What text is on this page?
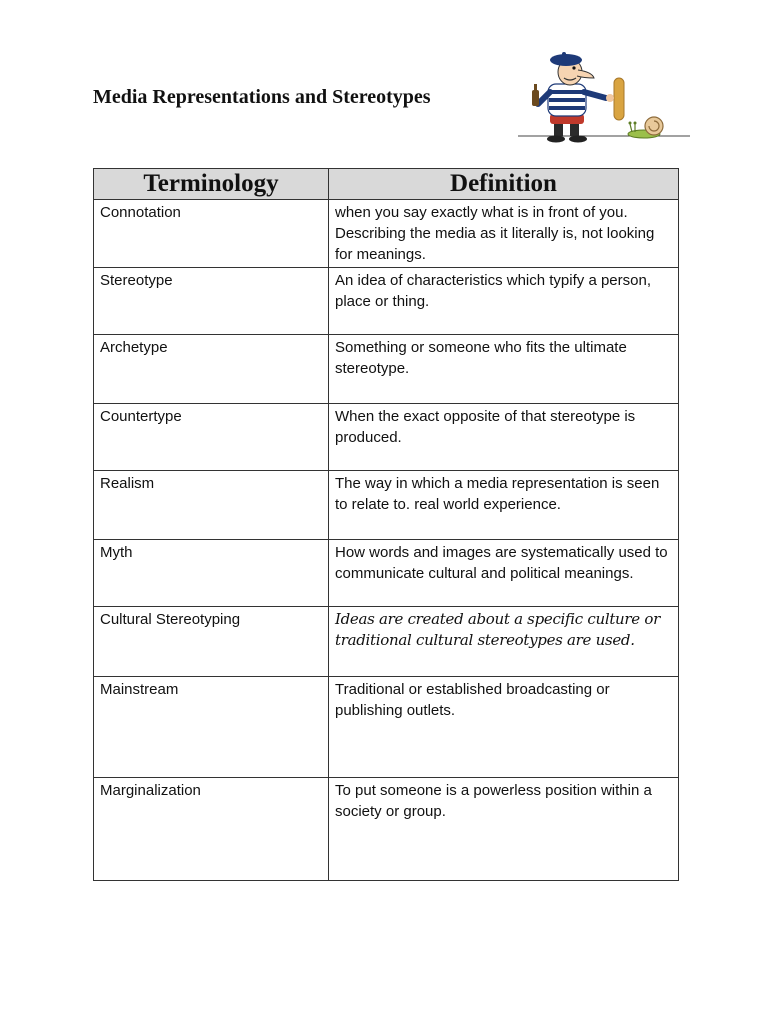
Media Representations and Stereotypes
Terminology	Definition
Connotation	when you say exactly what is in front of you. Describing the media as it literally is, not looking for meanings.
Stereotype	An idea of characteristics which typify a person, place or thing.
Archetype	Something or someone who fits the ultimate stereotype.
Countertype	When the exact opposite of that stereotype is produced.
Realism	The way in which a media representation is seen to relate to. real world experience.
Myth	How words and images are systematically used to communicate cultural and political meanings.
Cultural Stereotyping	Ideas are created about a specific culture or traditional cultural stereotypes are used.
Mainstream	Traditional or established broadcasting or publishing outlets.
Marginalization	To put someone is a powerless position within a society or group.
